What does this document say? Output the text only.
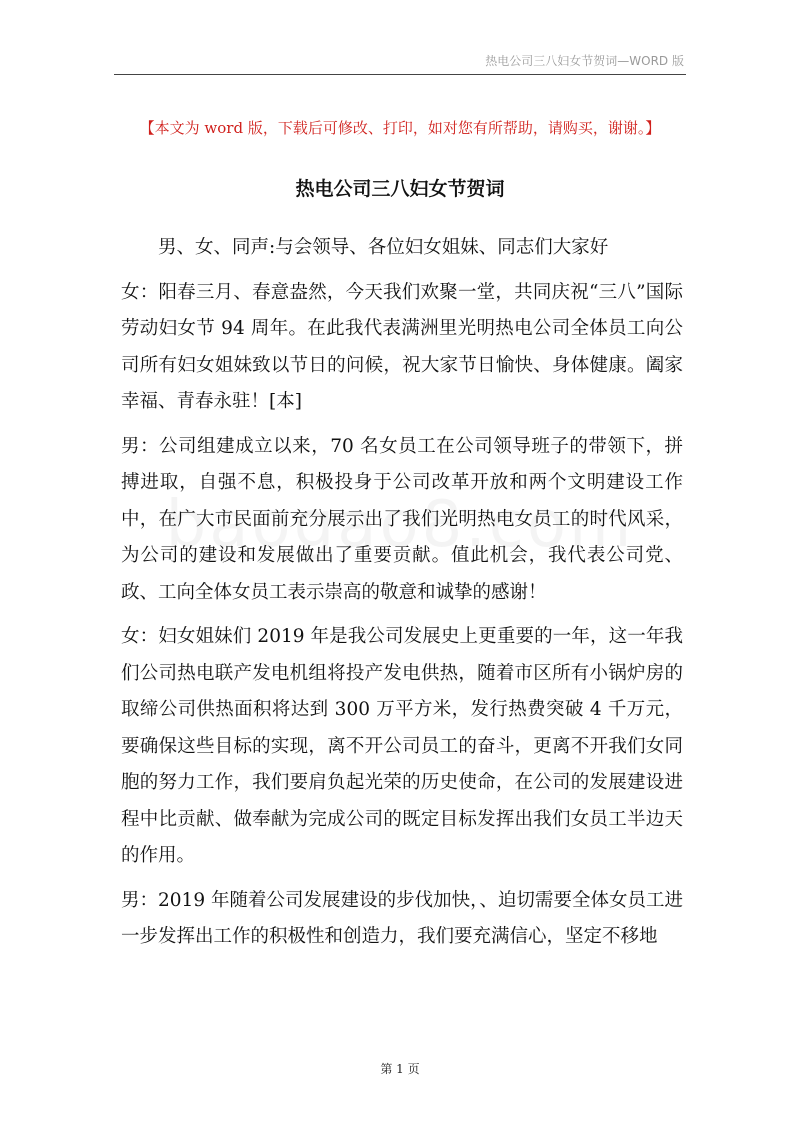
热电公司三八妇女节贺词—WORD 版
【本文为 word 版，下载后可修改、打印，如对您有所帮助，请购买，谢谢。】
热电公司三八妇女节贺词

男、女、同声:与会领导、各位妇女姐妹、同志们大家好

女：阳春三月、春意盎然，今天我们欢聚一堂，共同庆祝“三八”国际劳动妇女节 94 周年。在此我代表满洲里光明热电公司全体员工向公司所有妇女姐妹致以节日的问候，祝大家节日愉快、身体健康。阖家幸福、青春永驻！[本]

男：公司组建成立以来，70 名女员工在公司领导班子的带领下，拼搏进取，自强不息，积极投身于公司改革开放和两个文明建设工作中，在广大市民面前充分展示出了我们光明热电女员工的时代风采，为公司的建设和发展做出了重要贡献。值此机会，我代表公司党、政、工向全体女员工表示崇高的敬意和诚挚的感谢！

女：妇女姐妹们 2019 年是我公司发展史上更重要的一年，这一年我们公司热电联产发电机组将投产发电供热，随着市区所有小锅炉房的取缔公司供热面积将达到 300 万平方米，发行热费突破 4 千万元，要确保这些目标的实现，离不开公司员工的奋斗，更离不开我们女同胞的努力工作，我们要肩负起光荣的历史使命，在公司的发展建设进程中比贡献、做奉献为完成公司的既定目标发挥出我们女员工半边天的作用。

男：2019 年随着公司发展建设的步伐加快，、迫切需要全体女员工进一步发挥出工作的积极性和创造力，我们要充满信心，坚定不移地

第 1 页
